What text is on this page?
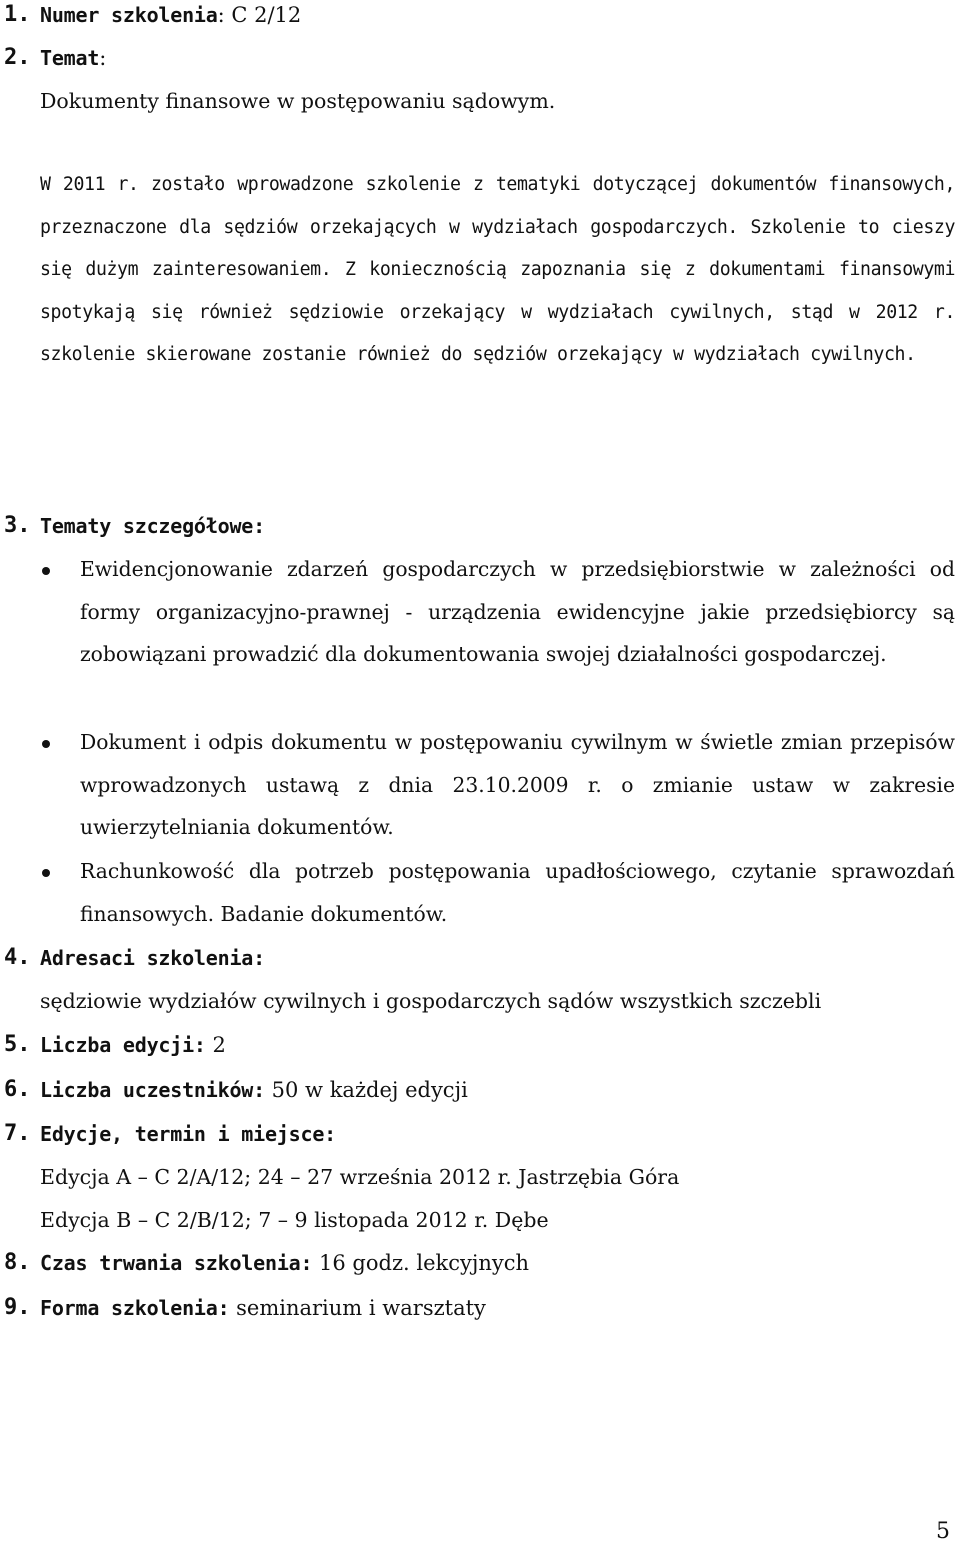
1. Numer szkolenia: C 2/12
2. Temat:
Dokumenty finansowe w postępowaniu sądowym.
W 2011 r. zostało wprowadzone szkolenie z tematyki dotyczącej dokumentów finansowych, przeznaczone dla sędziów orzekających w wydziałach gospodarczych. Szkolenie to cieszy się dużym zainteresowaniem. Z koniecznością zapoznania się z dokumentami finansowymi spotykają się również sędziowie orzekający w wydziałach cywilnych, stąd w 2012 r. szkolenie skierowane zostanie również do sędziów orzekający w wydziałach cywilnych.
3. Tematy szczegółowe:
Ewidencjonowanie zdarzeń gospodarczych w przedsiębiorstwie w zależności od formy organizacyjno-prawnej - urządzenia ewidencyjne jakie przedsiębiorcy są zobowiązani prowadzić dla dokumentowania swojej działalności gospodarczej.
Dokument i odpis dokumentu w postępowaniu cywilnym w świetle zmian przepisów wprowadzonych ustawą z dnia 23.10.2009 r. o zmianie ustaw w zakresie uwierzytelniania dokumentów.
Rachunkowość dla potrzeb postępowania upadłościowego, czytanie sprawozdań finansowych. Badanie dokumentów.
4. Adresaci szkolenia:
sędziowie wydziałów cywilnych i gospodarczych sądów wszystkich szczebli
5. Liczba edycji: 2
6. Liczba uczestników: 50 w każdej edycji
7. Edycje, termin i miejsce:
Edycja A – C 2/A/12; 24 – 27 września 2012 r. Jastrzębia Góra
Edycja B – C 2/B/12; 7 – 9 listopada 2012 r. Dębe
8. Czas trwania szkolenia: 16 godz. lekcyjnych
9. Forma szkolenia: seminarium i warsztaty
5
